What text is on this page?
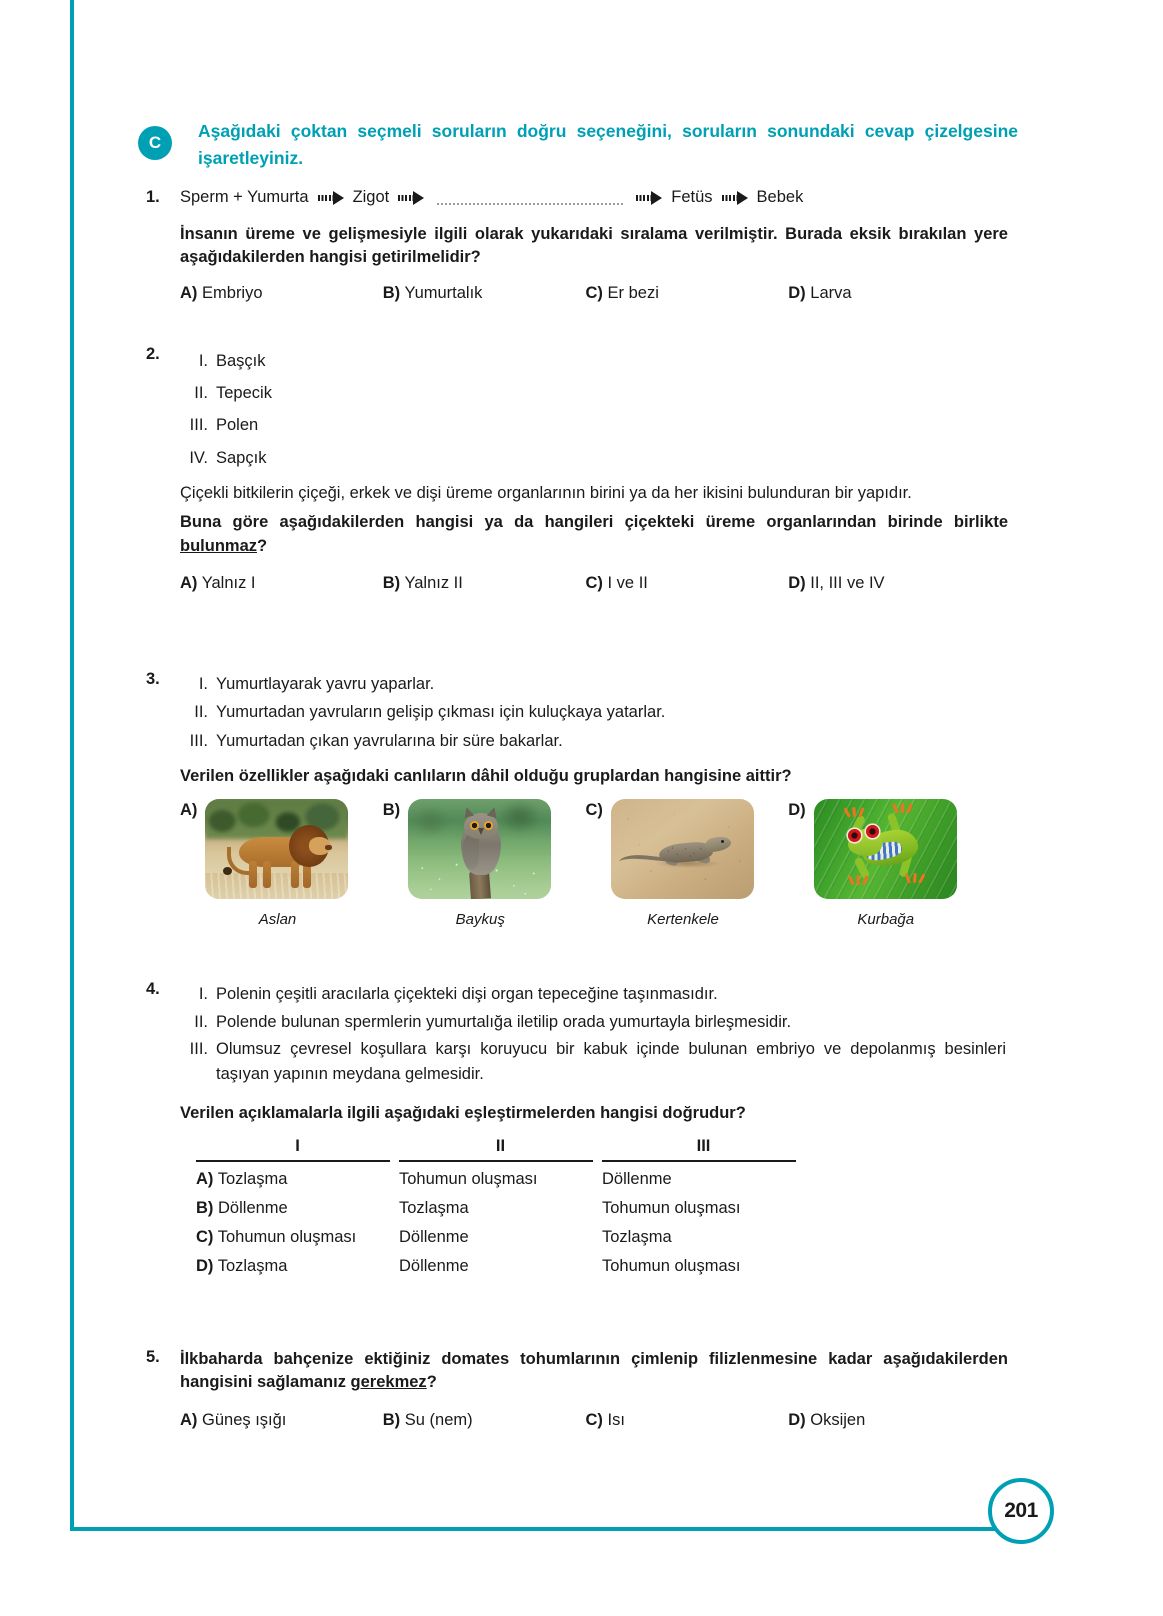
201
C
Aşağıdaki çoktan seçmeli soruların doğru seçeneğini, soruların sonundaki cevap çizelgesine işaretleyiniz.
1.	Sperm + Yumurta	Zigot	Fetüs	Bebek
İnsanın üreme ve gelişmesiyle ilgili olarak yukarıdaki sıralama verilmiştir. Burada eksik bırakılan yere aşağıdakilerden hangisi getirilmelidir?
A) Embriyo	B) Yumurtalık	C) Er bezi	D) Larva
2.	I. Başçık
II. Tepecik
III. Polen
IV. Sapçık
Çiçekli bitkilerin çiçeği, erkek ve dişi üreme organlarının birini ya da her ikisini bulunduran bir yapıdır.
Buna göre aşağıdakilerden hangisi ya da hangileri çiçekteki üreme organlarından birinde birlikte bulunmaz?
A) Yalnız I	B) Yalnız II	C) I ve II	D) II, III ve IV
3.	I. Yumurtlayarak yavru yaparlar.
II. Yumurtadan yavruların gelişip çıkması için kuluçkaya yatarlar.
III. Yumurtadan çıkan yavrularına bir süre bakarlar.
Verilen özellikler aşağıdaki canlıların dâhil olduğu gruplardan hangisine aittir?
A)	B)	C)	D)
Aslan	Baykuş	Kertenkele	Kurbağa
4.	I. Polenin çeşitli aracılarla çiçekteki dişi organ tepeceğine taşınmasıdır.
II. Polende bulunan spermlerin yumurtalığa iletilip orada yumurtayla birleşmesidir.
III. Olumsuz çevresel koşullara karşı koruyucu bir kabuk içinde bulunan embriyo ve depolanmış besinleri taşıyan yapının meydana gelmesidir.
Verilen açıklamalarla ilgili aşağıdaki eşleştirmelerden hangisi doğrudur?
I	II	III
A) Tozlaşma	Tohumun oluşması	Döllenme
B) Döllenme	Tozlaşma	Tohumun oluşması
C) Tohumun oluşması	Döllenme	Tozlaşma
D) Tozlaşma	Döllenme	Tohumun oluşması
5.	İlkbaharda bahçenize ektiğiniz domates tohumlarının çimlenip filizlenmesine kadar aşağıdakilerden hangisini sağlamanız gerekmez?
A) Güneş ışığı	B) Su (nem)	C) Isı	D) Oksijen
